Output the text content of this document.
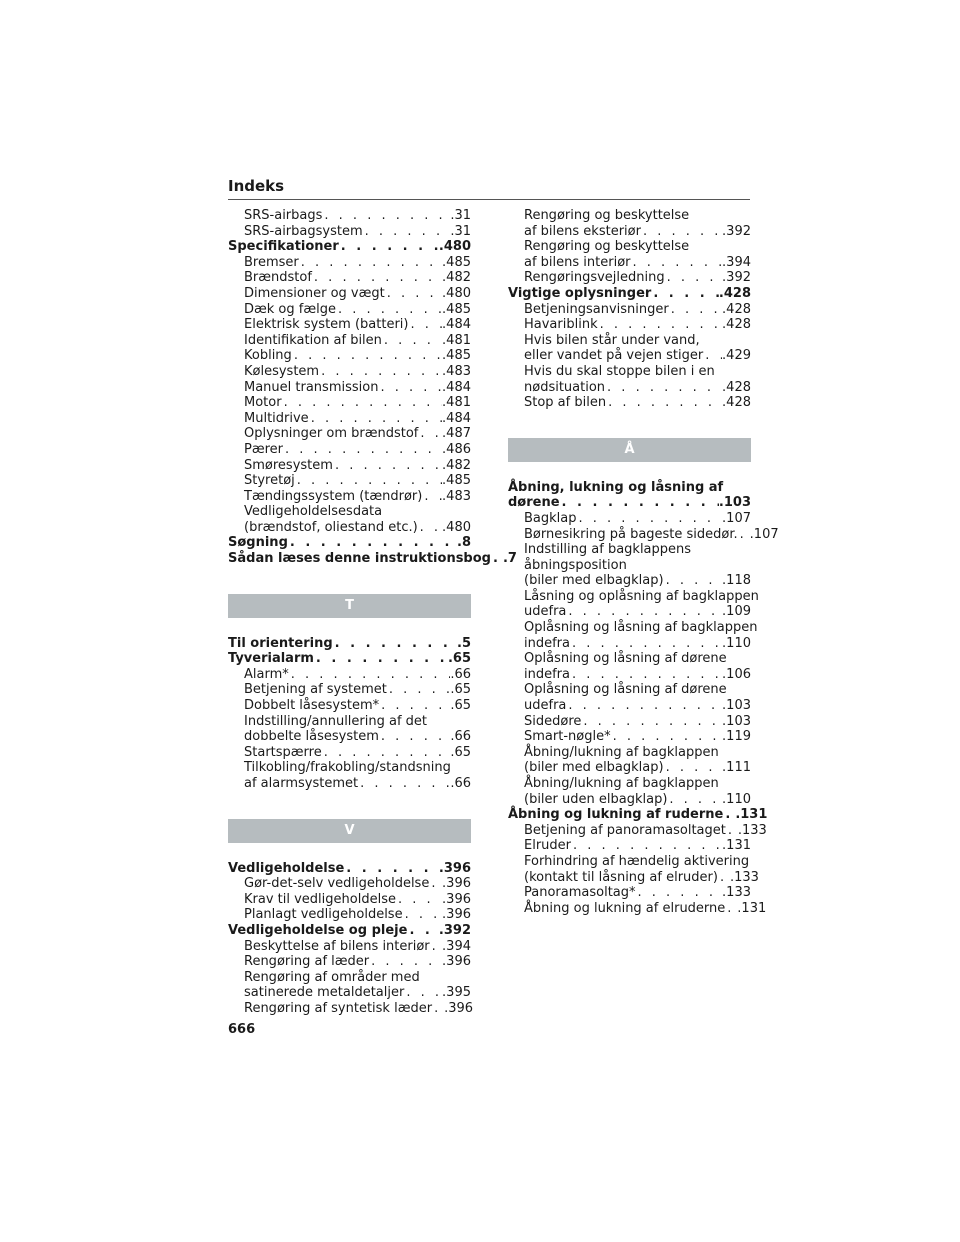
Indeks
SRS-airbags . . .	.31
SRS-airbagsystem . . .	.31
Specifikationer . . .	.480
Bremser . . .	.485
Brændstof . . .	.482
Dimensioner og vægt . . .	.480
Dæk og fælge . . .	.485
Elektrisk system (batteri) . . .	.484
Identifikation af bilen . . .	.481
Kobling . . .	.485
Kølesystem . . .	.483
Manuel transmission . . .	.484
Motor . . .	.481
Multidrive . . .	.484
Oplysninger om brændstof . . . .487
Pærer . . .	.486
Smøresystem . . .	.482
Styretøj . . .	.485
Tændingssystem (tændrør) . . . .483
Vedligeholdelsesdata
(brændstof, oliestand etc.) . . . .480
Søgning . . .	.8
Sådan læses denne instruktionsbog . . . .7
T
Til orientering . . .	.5
Tyverialarm . . .	.65
Alarm* . . .	.66
Betjening af systemet . . .	.65
Dobbelt låsesystem* . . .	.65
Indstilling/annullering af det
dobbelte låsesystem . . .	.66
Startspærre . . .	.65
Tilkobling/frakobling/standsning
af alarmsystemet . . .	.66
V
Vedligeholdelse . . .	.396
Gør-det-selv vedligeholdelse . . . .396
Krav til vedligeholdelse . . .	.396
Planlagt vedligeholdelse . . .	.396
Vedligeholdelse og pleje . . . .392
Beskyttelse af bilens interiør . . . .394
Rengøring af læder . . .	.396
Rengøring af områder med
satinerede metaldetaljer . . .	.395
Rengøring af syntetisk læder . . . .396
Rengøring og beskyttelse
af bilens eksteriør . . .	.392
Rengøring og beskyttelse
af bilens interiør . . .	.394
Rengøringsvejledning . . .	.392
Vigtige oplysninger . . .	.428
Betjeningsanvisninger . . .	.428
Havariblink . . .	.428
Hvis bilen står under vand,
eller vandet på vejen stiger . . . .429
Hvis du skal stoppe bilen i en
nødsituation . . .	.428
Stop af bilen . . .	.428
Å
Åbning, lukning og låsning af
dørene . . .	.103
Bagklap . . .	.107
Børnesikring på bageste sidedør. . . . .107
Indstilling af bagklappens
åbningsposition
(biler med elbagklap) . . .	.118
Låsning og oplåsning af bagklappen
udefra . . .	.109
Oplåsning og låsning af bagklappen
indefra . . .	.110
Oplåsning og låsning af dørene
indefra . . .	.106
Oplåsning og låsning af dørene
udefra . . .	.103
Sidedøre . . .	.103
Smart-nøgle* . . .	.119
Åbning/lukning af bagklappen
(biler med elbagklap) . . .	.111
Åbning/lukning af bagklappen
(biler uden elbagklap) . . .	.110
Åbning og lukning af ruderne . . . .131
Betjening af panoramasoltaget . . . .133
Elruder . . .	.131
Forhindring af hændelig aktivering
(kontakt til låsning af elruder) . . . .133
Panoramasoltag* . . .	.133
Åbning og lukning af elruderne . . . .131
666
